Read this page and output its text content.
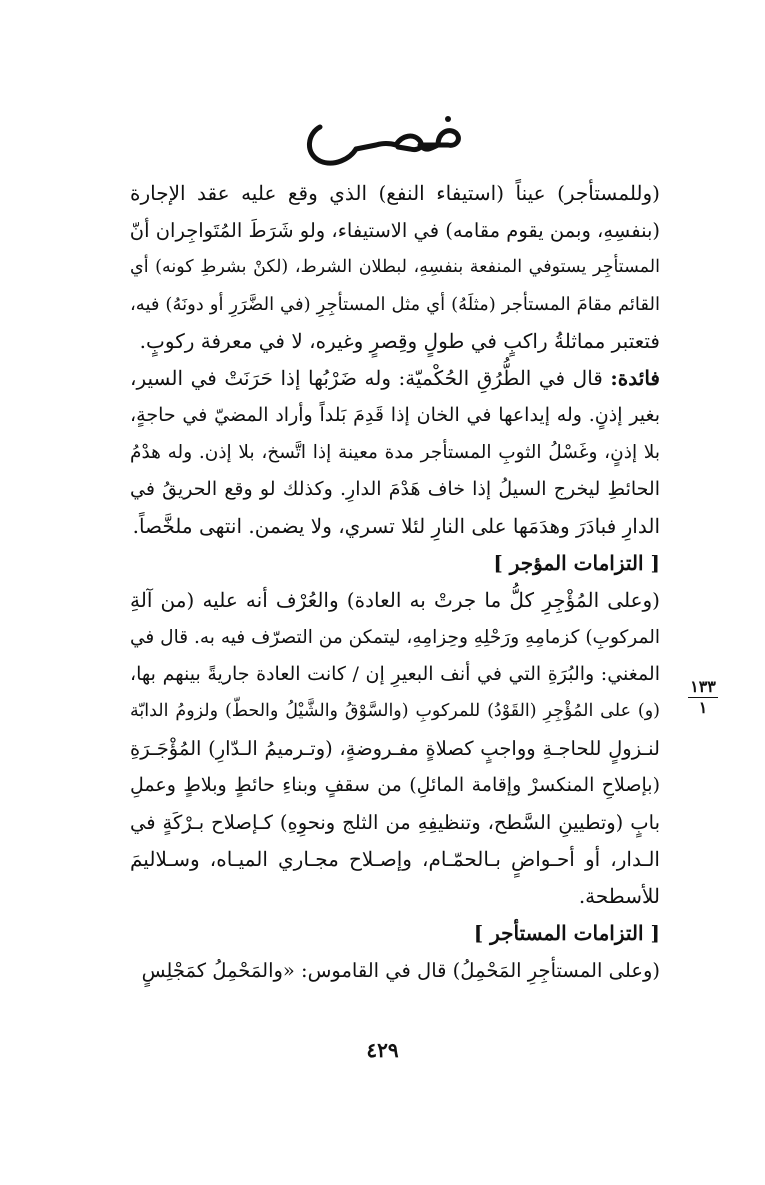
(وللمستأجر) عيناً (استيفاء النفع) الذي وقع عليه عقد الإجارة
(بنفسِهِ، وبمن يقوم مقامه) في الاستيفاء، ولو شَرَطَ المُتَواجِران أنّ
المستأجِر يستوفي المنفعة بنفسِهِ، لبطلان الشرط، (لكنْ بشرطِ كونه) أي
القائم مقامَ المستأجر (مثلَهُ) أي مثل المستأجِرِ (في الضَّرَرِ أو دونَهُ) فيه،
فتعتبر مماثلةُ راكبٍ في طولٍ وقِصرٍ وغيره، لا في معرفة ركوبٍ.
فائدة: قال في الطُّرُقِ الحُكْميّة: وله ضَرْبُها إذا حَرَنَتْ في السير،
بغير إذنٍ. وله إيداعها في الخان إذا قَدِمَ بَلداً وأراد المضيّ في حاجةٍ،
بلا إذنٍ، وغَسْلُ الثوبِ المستأجر مدة معينة إذا اتَّسخ، بلا إذن. وله هدْمُ
الحائطِ ليخرج السيلُ إذا خاف هَدْمَ الدارِ. وكذلك لو وقع الحريقُ في
الدارِ فبادَرَ وهدَمَها على النارِ لئلا تسري، ولا يضمن. انتهى ملخَّصاً.
[ التزامات المؤجر ]
(وعلى المُؤْجِرِ كلُّ ما جرتْ به العادة) والعُرْف أنه عليه (من آلةِ
المركوبِ) كزمامِهِ ورَحْلِهِ وحِزامِهِ، ليتمكن من التصرّف فيه به. قال في
المغني: والبُرَةِ التي في أنف البعيرِ إن / كانت العادة جاريةً بينهم بها،
(و) على المُؤْجِرِ (القَوْدُ) للمركوبِ (والسَّوْقُ والشَّيْلُ والحطّ) ولزومُ الدابّة
لنـزولٍ للحاجـةِ وواجبٍ كصلاةٍ مفـروضةٍ، (وتـرميمُ الـدّارِ) المُؤْجَـرَةِ
(بإصلاحِ المنكسرْ وإقامة المائلِ) من سقفٍ وبناءِ حائطٍ وبلاطٍ وعملِ
بابٍ (وتطيينِ السَّطح، وتنظيفِهِ من الثلج ونحوِهِ) كـإصلاح بـرْكَةٍ في
الـدار، أو أحـواضٍ بـالحمّـام، وإصـلاح مجـاري الميـاه، وسـلاليمَ
للأسطحة.
[ التزامات المستأجر ]
(وعلى المستأجِرِ المَحْمِلُ) قال في القاموس: «والمَحْمِلُ كمَجْلِسٍ
١٣٣
١
٤٢٩
